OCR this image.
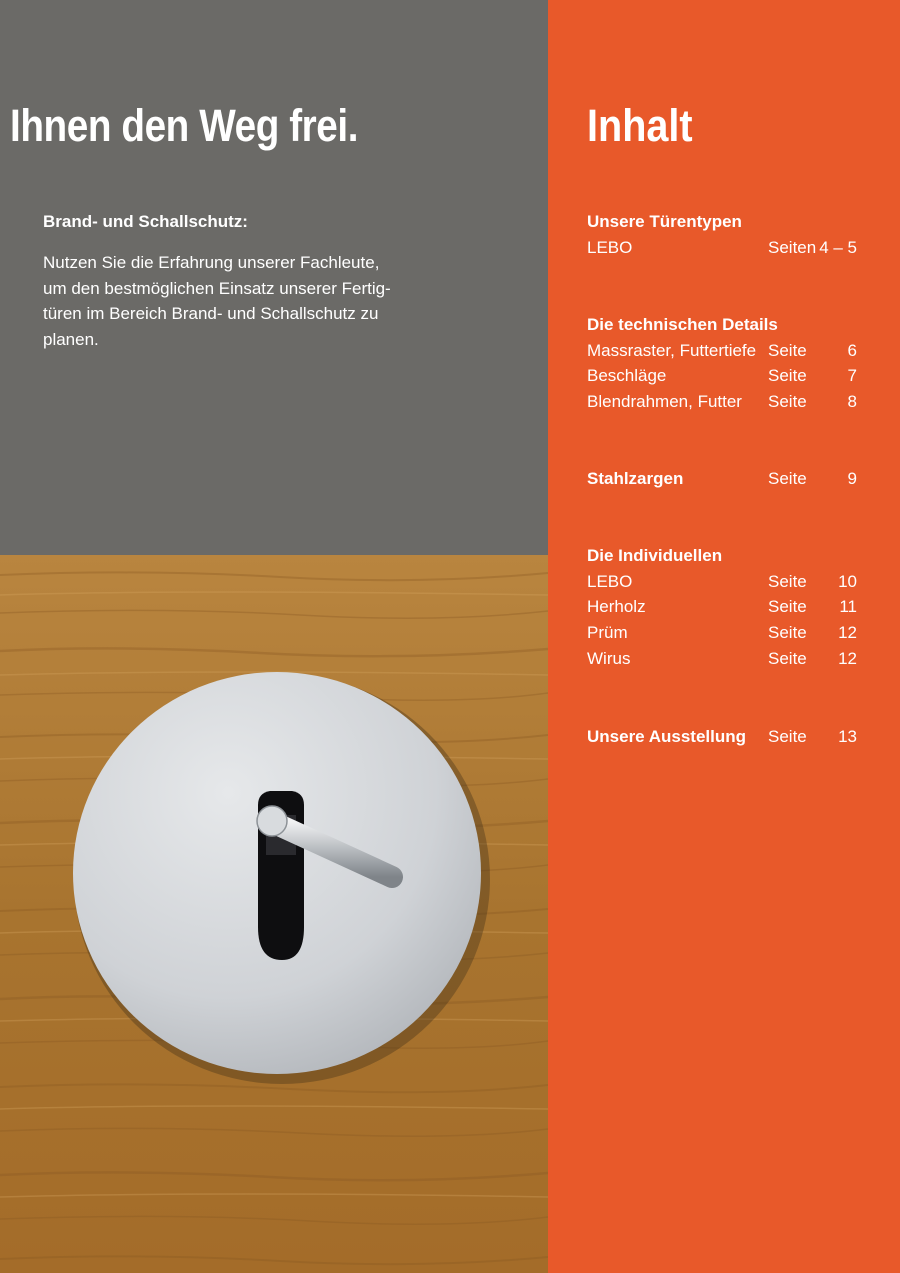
Ihnen den Weg frei.
Brand- und Schallschutz:

Nutzen Sie die Erfahrung unserer Fachleute,
um den bestmöglichen Einsatz unserer Fertig-
türen im Bereich Brand- und Schallschutz zu
planen.

Inhalt
Unsere Türentypen
LEBO	Seiten 4 – 5
Die technischen Details
Massraster, Futtertiefe Seite 6
Beschläge	Seite 7
Blendrahmen, Futter Seite 8
Stahlzargen	Seite 9
Die Individuellen
LEBO	Seite 10
Herholz	Seite 11
Prüm	Seite 12
Wirus	Seite 12
Unsere Ausstellung Seite 13
